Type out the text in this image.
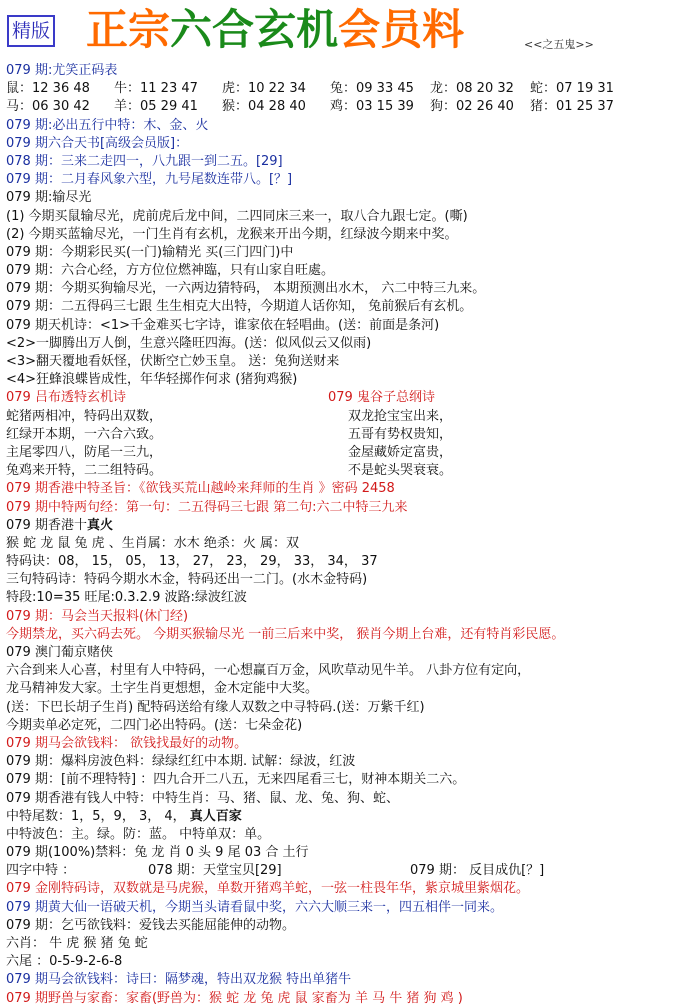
精版 正宗六合玄机会员料	<<之五鬼>>
079 期:尤笑正码表
鼠：12 36 48 牛：11 23 47 虎：10 22 34 兔：09 33 45 龙：08 20 32 蛇：07 19 31
马：06 30 42 羊：05 29 41 猴：04 28 40 鸡：03 15 39 狗：02 26 40 猪：01 25 37
079 期:必出五行中特：木、金、火
079 期六合天书[高级会员版]：
078 期：三来二走四一，八九跟一到二五。[29]
079 期：二月春风象六型，九号尾数连带八。[？]
079 期:输尽光
(1) 今期买鼠输尽光，虎前虎后龙中间，二四同床三来一，取八合九跟七定。(嘶)
(2) 今期买蓝输尽光，一门生肖有玄机，龙猴来开出今期，红绿波今期来中奖。
079 期：今期彩民买(一门)输精光 买(三门四门)中
079 期：六合心经，方方位位燃神臨，只有山家自旺處。
079 期：今期买狗输尽光，一六两边猜特码， 本期预测出水木， 六二中特三九来。
079 期：二五得码三七跟 生生相克大出特，今期道人话你知， 兔前猴后有玄机。
079 期天机诗：<1>千金难买七字诗，谁家依在轻唱曲。(送：前面是条河)
<2>一脚腾出万人倒，生意兴隆旺四海。(送：似风似云又似雨)
<3>翻天覆地看妖怪，伏断空亡妙玉皇。 送：兔狗送财来
<4>狂蜂浪蝶皆成性，年华轻掷作何求 (猪狗鸡猴)
079 吕布透特玄机诗	079 鬼谷子总纲诗
蛇猪两相冲，特码出双数，	双龙抢宝宝出来，
红绿开本期，一六合六致。	五哥有势权贵知，
主尾零四八，防尾一三九，	金屋藏娇定富贵，
兔鸡来开特，二二组特码。	不是蛇头哭衰衰。
079 期香港中特圣旨：《欲钱买荒山越岭来拜师的生肖 》密码 2458
079 期中特两句经：第一句：二五得码三七跟 第二句:六二中特三九来
079 期香港十真火
猴 蛇 龙 鼠 兔 虎 、生肖属：水木 绝杀：火 属：双
特码诀：08， 15， 05， 13， 27， 23， 29， 33， 34， 37
三句特码诗：特码今期水木金，特码还出一二门。(水木金特码)
特段:10=35 旺尾:0.3.2.9 波路:绿波红波
079 期：马会当天报料(休门经)
今期禁龙，买六码去死。 今期买猴输尽光 一前三后来中奖， 猴肖今期上台难，还有特肖彩民愿。
079 澳门葡京赌侠
六合到来人心喜，村里有人中特码，一心想赢百万金，风吹草动见牛羊。 八卦方位有定向，
龙马精神发大家。土字生肖更想想，金木定能中大奖。
(送：下巴长胡子生肖) 配特码送给有缘人双数之中寻特码.(送：万紫千红)
今期卖单必定死，二四门必出特码。(送：七朵金花)
079 期马会欲钱料： 欲钱找最好的动物。
079 期：爆料房波色料：绿绿红红中本期. 试解：绿波，红波
079 期：[前不理特特] ：四九合开二八五，无来四尾看三七，财神本期关二六。
079 期香港有钱人中特：中特生肖：马、猪、鼠、龙、兔、狗、蛇、
中特尾数：1，5，9， 3， 4， 真人百家
中特波色：主。绿。防：蓝。 中特单双：单。
079 期(100%)禁料：兔 龙 肖 0 头 9 尾 03 合 土行
四字中特 ：	078 期：天堂宝贝[29]	079 期： 反目成仇[？]
079 金刚特码诗，双数就是马虎猴，单数开猪鸡羊蛇，一弦一柱畏年华，紫京城里紫烟花。
079 期黄大仙一语破天机，今期当头请看鼠中奖，六六大顺三来一，四五相伴一同来。
079 期：乞丐欲钱料：爱钱去买能屈能伸的动物。
六肖： 牛 虎 猴 猪 兔 蛇
六尾 ：0-5-9-2-6-8
079 期马会欲钱料：诗曰：隔梦魂，特出双龙猴 特出单猪牛
079 期野兽与家畜：家畜(野兽为：猴 蛇 龙 兔 虎 鼠 家畜为 羊 马 牛 猪 狗 鸡 )
